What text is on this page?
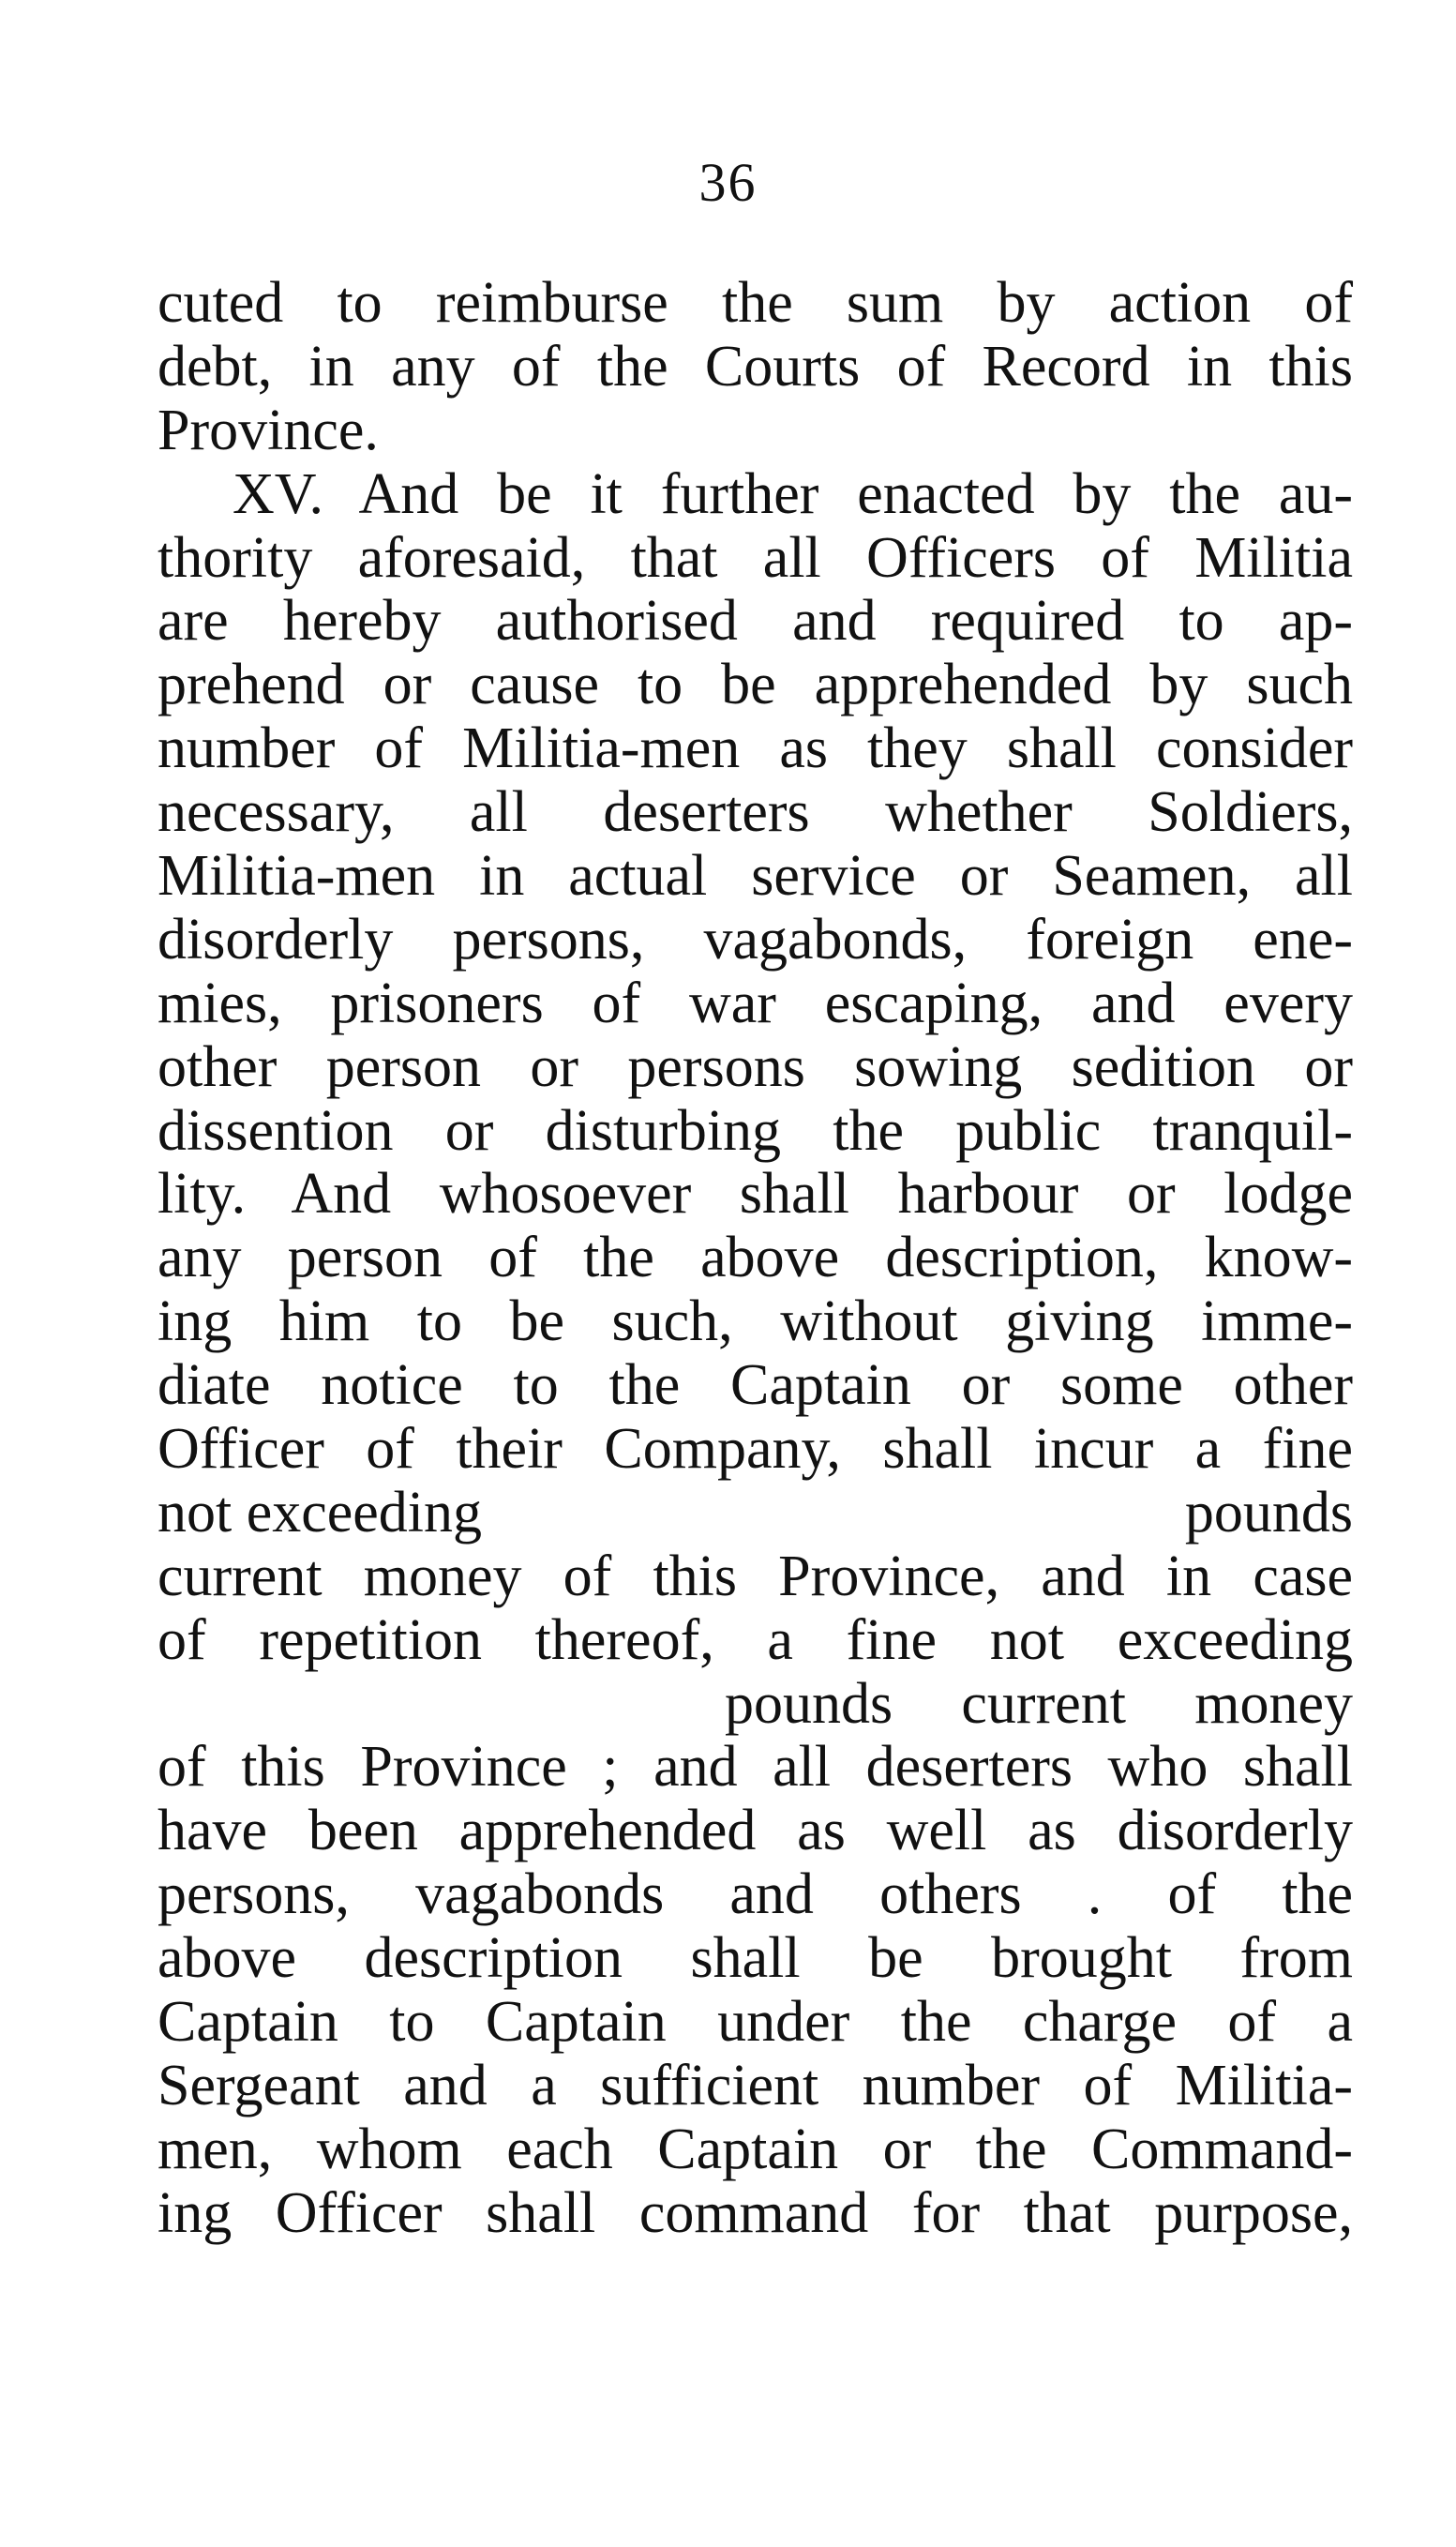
36
cuted to reimburse the sum by action of
debt, in any of the Courts of Record in this
Province.
XV. And be it further enacted by the au-
thority aforesaid, that all Officers of Militia
are hereby authorised and required to ap-
prehend or cause to be apprehended by such
number of Militia-men as they shall consider
necessary, all deserters whether Soldiers,
Militia-men in actual service or Seamen, all
disorderly persons, vagabonds, foreign ene-
mies, prisoners of war escaping, and every
other person or persons sowing sedition or
dissention or disturbing the public tranquil-
lity. And whosoever shall harbour or lodge
any person of the above description, know-
ing him to be such, without giving imme-
diate notice to the Captain or some other
Officer of their Company, shall incur a fine
not exceeding	pounds
current money of this Province, and in case
of repetition thereof, a fine not exceeding
pounds current money
of this Province ; and all deserters who shall
have been apprehended as well as disorderly
persons, vagabonds and others . of the
above description shall be brought from
Captain to Captain under the charge of a
Sergeant and a sufficient number of Militia-
men, whom each Captain or the Command-
ing Officer shall command for that purpose,
